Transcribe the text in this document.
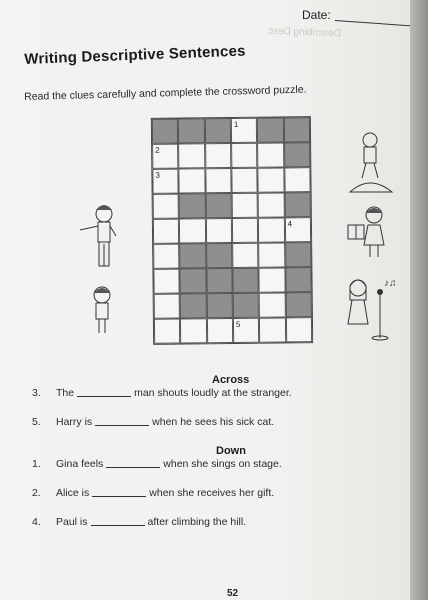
Date:
Describing Desc
Writing Descriptive Sentences
Read the clues carefully and complete the crossword puzzle.
1
2
3
4
5
♪♫
Across
3. The	man shouts loudly at the stranger.
5. Harry is	when he sees his sick cat.
Down
1. Gina feels	when she sings on stage.
2. Alice is	when she receives her gift.
4. Paul is	after climbing the hill.
52
